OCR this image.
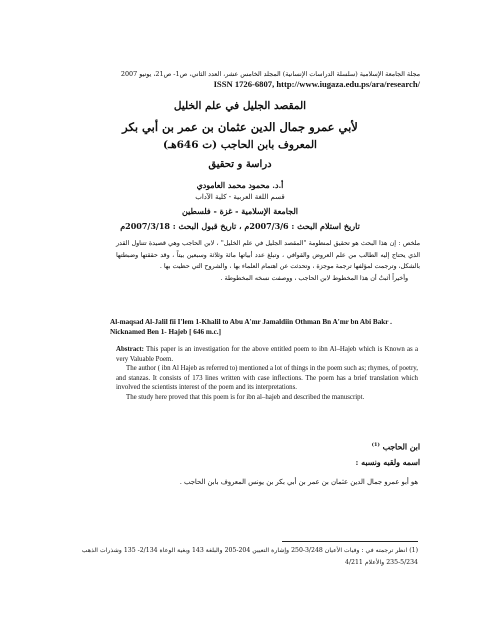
مجلة الجامعة الإسلامية (سلسلة الدراسات الإنسانية) المجلد الخامس عشر، العدد الثاني، ص1- ص21، يونيو 2007
ISSN 1726-6807, http://www.iugaza.edu.ps/ara/research/
المقصد الجليل في علم الخليل
لأبي عمرو جمال الدين عثمان بن عمر بن أبي بكر
المعروف بابن الحاجب (ت 646هـ)
دراسة و تحقيق
أ.د. محمود محمد العامودي
قسم اللغة العربية - كلية الآداب
الجامعة الإسلامية - غزة - فلسطين
تاريخ استلام البحث : 2007/3/6م ، تاريخ قبول البحث : 2007/3/18م

ملخص : إن هذا البحث هو تحقيق لمنظومة "المقصد الجليل في علم الخليل" ، لابن الحاجب وهي قصيدة تتناول القدر الذي يحتاج إليه الطالب من علم العروض والقوافي ، وتبلغ عدد أبياتها مائة وثلاثة وسبعين بيتاً ، وقد حققتها وضبطتها بالشكل، وترجمت لمؤلفها ترجمة موجزة ، وتحدثت عن اهتمام العلماء بها ، والشروح التي حظيت بها .

وأخيراً أثبتُ أن هذا المخطوط لابن الحاجب ، ووصفت نسخه المخطوطة .

Al-maqsad Al-Jalil fii I'lem 1-Khalil to Abu A'mr Jamaldiin Othman Bn A'mr bn Abi Bakr . Nicknamed Ben 1- Hajeb [ 646 m.c.]

Abstract: This paper is an investigation for the above entitled poem to ibn Al–Hajeb which is Known as a very Valuable Poem.

The author ( ibn Al Hajeb as referred to) mentioned a lot of things in the poem such as; rhymes, of poetry, and stanzas. It consists of 173 lines written with case inflections. The poem has a brief translation which involved the scientists interest of the poem and its interpretations.

The study here proved that this poem is for ibn al–hajeb and described the manuscript.

ابن الحاجب $^{(1)}$
اسمه ولقبه ونسبه :
هو أبو عمرو جمال الدين عثمان بن عمر بن أبي بكر بن يونس المعروف بابن الحاجب .
(1) انظر ترجمته في : وفيات الأعيان 3/248-250 وإشارة التعيين 204-205 والبلغة 143 وبغية الوعاة 2/134- 135 وشذرات الذهب 5/234-235 والأعلام 4/211
